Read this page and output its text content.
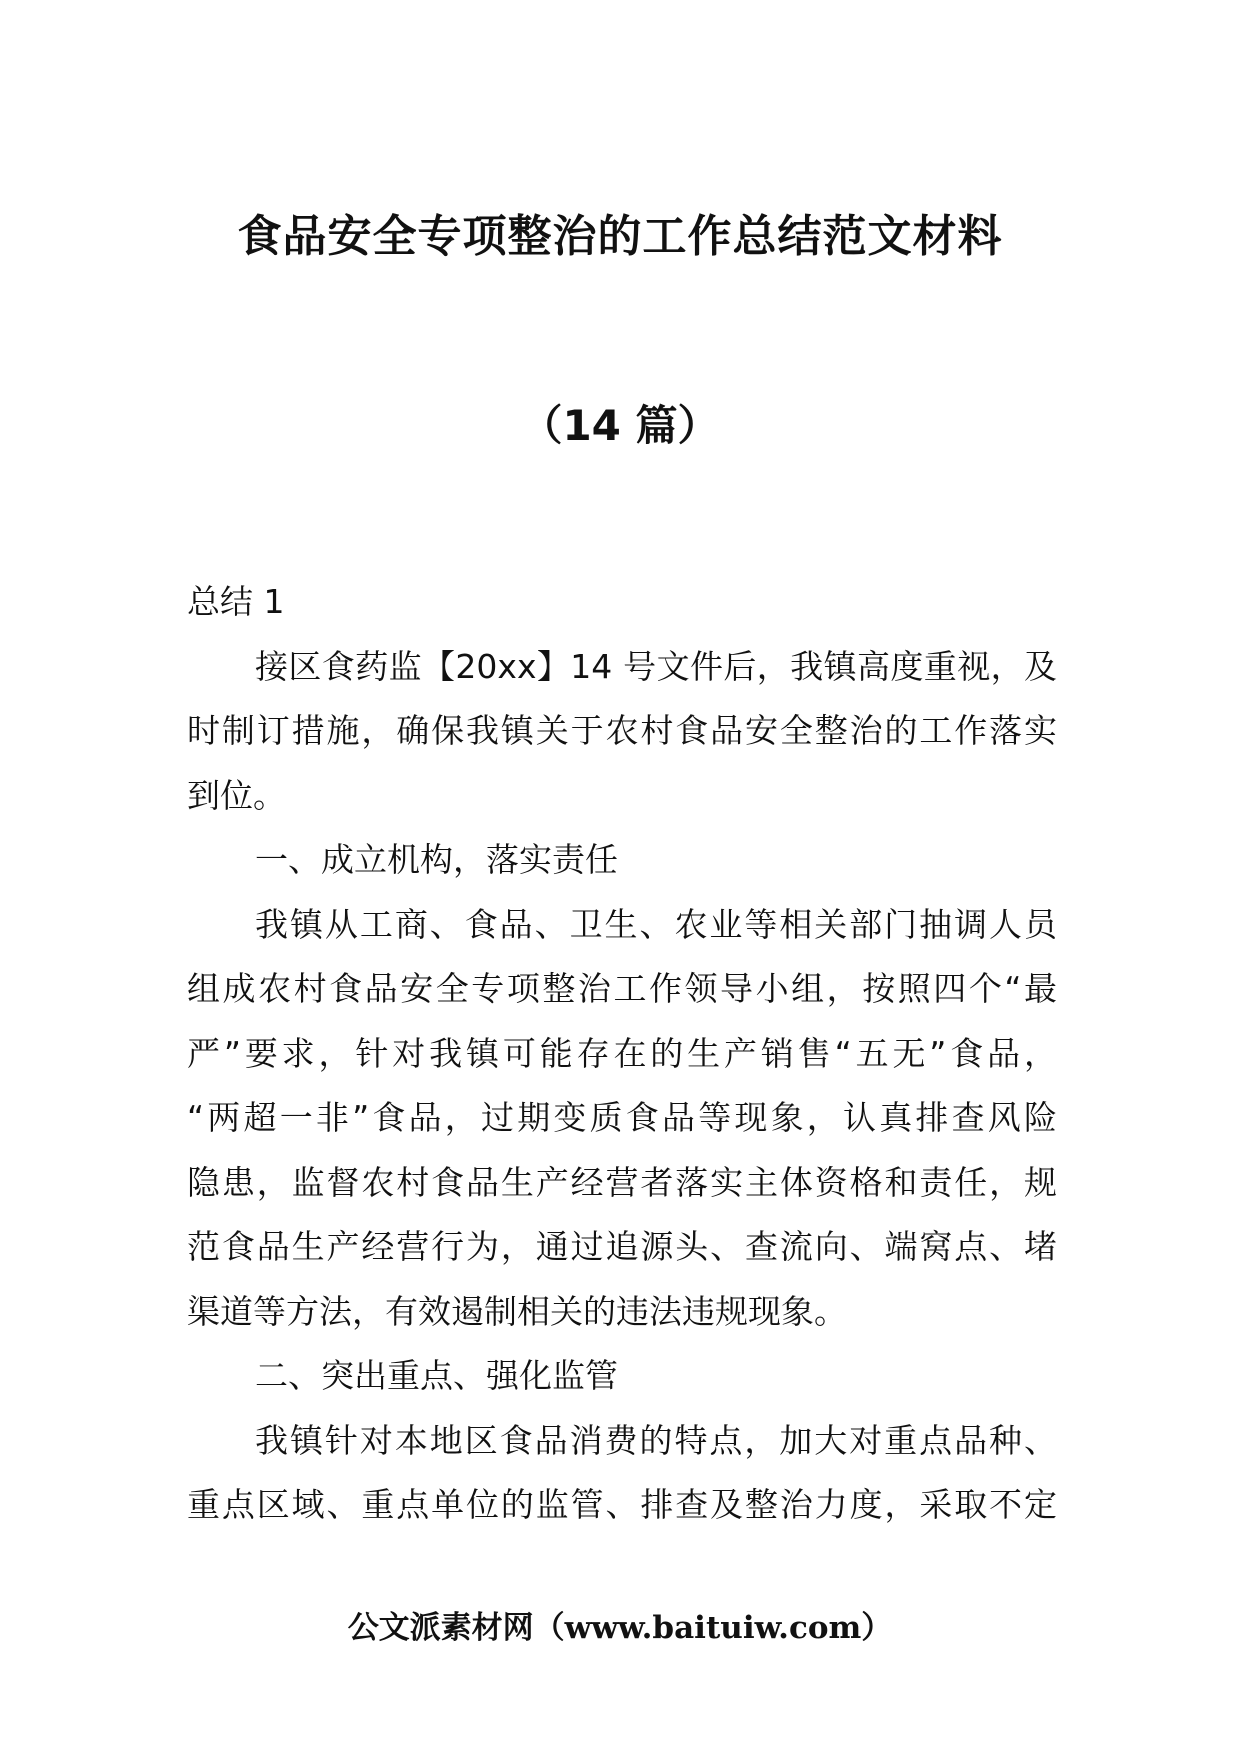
食品安全专项整治的工作总结范文材料
（14 篇）
总结 1
接区食药监【20xx】14 号文件后，我镇高度重视，及
时制订措施，确保我镇关于农村食品安全整治的工作落实
到位。
一、成立机构，落实责任
我镇从工商、食品、卫生、农业等相关部门抽调人员
组成农村食品安全专项整治工作领导小组，按照四个“最
严”要求，针对我镇可能存在的生产销售“五无”食品，
“两超一非”食品，过期变质食品等现象，认真排查风险
隐患，监督农村食品生产经营者落实主体资格和责任，规
范食品生产经营行为，通过追源头、查流向、端窝点、堵
渠道等方法，有效遏制相关的违法违规现象。
二、突出重点、强化监管
我镇针对本地区食品消费的特点，加大对重点品种、
重点区域、重点单位的监管、排查及整治力度，采取不定
公文派素材网（www.baituiw.com）
